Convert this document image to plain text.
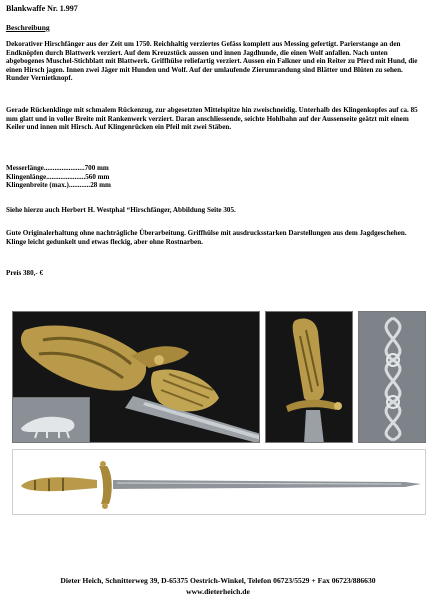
Blankwaffe Nr. 1.997
Beschreibung
Dekorativer Hirschfänger aus der Zeit um 1750. Reichhaltig verziertes Gefäss komplett aus Messing gefertigt. Parierstange an den Endknöpfen durch Blattwerk verziert. Auf dem Kreuzstück aussen und innen Jagdhunde, die einen Wolf anfallen. Nach unten abgebogenes Muschel-Stichblatt mit Blattwerk. Griffhülse reliefartig verziert. Aussen ein Falkner und ein Reiter zu Pferd mit Hund, die einen Hirsch jagen. Innen zwei Jäger mit Hunden und Wolf. Auf der umlaufende Zierumrandung sind Blätter und Blüten zu sehen. Runder Vernietknopf.
Gerade Rückenklinge mit schmalem Rückenzug, zur abgesetzten Mittelspitze hin zweischneidig. Unterhalb des Klingenkopfes auf ca. 85 mm glatt und in voller Breite mit Rankenwerk verziert. Daran anschliessende, seichte Hohlbahn auf der Aussenseite geätzt mit einem Keiler und innen mit Hirsch. Auf Klingenrücken ein Pfeil mit zwei Stäben.
Messerlänge.......................700 mm
Klingenlänge......................560 mm
Klingenbreite (max.)............28 mm
Siehe hierzu auch Herbert H. Westphal “Hirschfänger, Abbildung Seite 305.
Gute Originalerhaltung ohne nachträgliche Überarbeitung. Griffhülse mit ausdrucksstarken Darstellungen aus dem Jagdgeschehen. Klinge leicht gedunkelt und etwas fleckig, aber ohne Rostnarben.
Preis 380,- €
Dieter Heich, Schnitterweg 39, D-65375 Oestrich-Winkel, Telefon 06723/5529 + Fax 06723/886630
www.dieterheich.de
